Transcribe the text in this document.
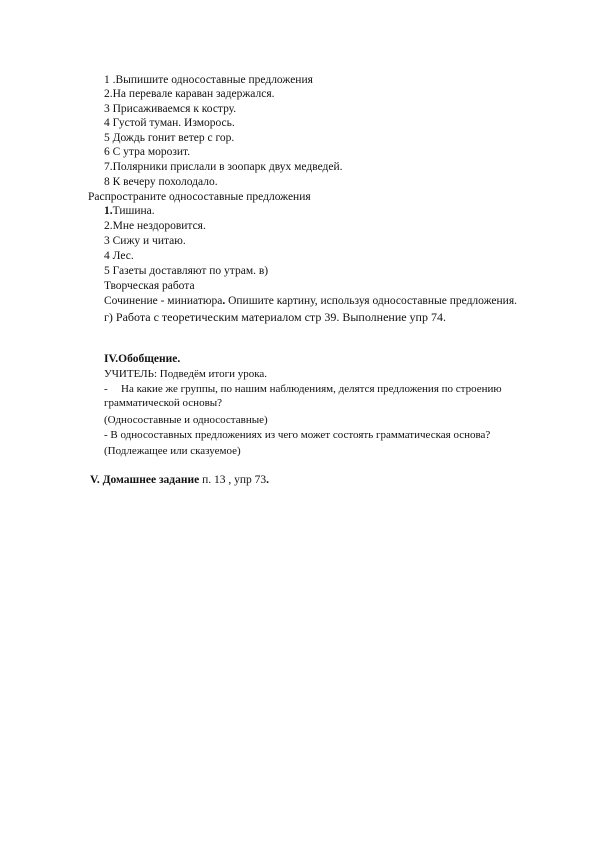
1 .Выпишите односоставные предложения
2.На перевале караван задержался.
3 Присаживаемся к костру.
4 Густой туман. Изморось.
5 Дождь гонит ветер с гор.
6 С утра морозит.
7.Полярники прислали в зоопарк двух медведей.
8 К вечеру похолодало.
Распространите односоставные предложения
1.Тишина.
2.Мне нездоровится.
3 Сижу и читаю.
4 Лес.
5 Газеты доставляют по утрам. в)
Творческая работа
Сочинение - миниатюра. Опишите картину, используя односоставные предложения.
г) Работа с теоретическим материалом стр 39. Выполнение упр 74.
IV.Обобщение.
УЧИТЕЛЬ: Подведём итоги урока.
- На какие же группы, по нашим наблюдениям, делятся предложения по строению
грамматической основы?
(Односоставные и односоставные)
- В односоставных предложениях из чего может состоять грамматическая основа?
(Подлежащее или сказуемое)
V. Домашнее задание п. 13 , упр 73.
